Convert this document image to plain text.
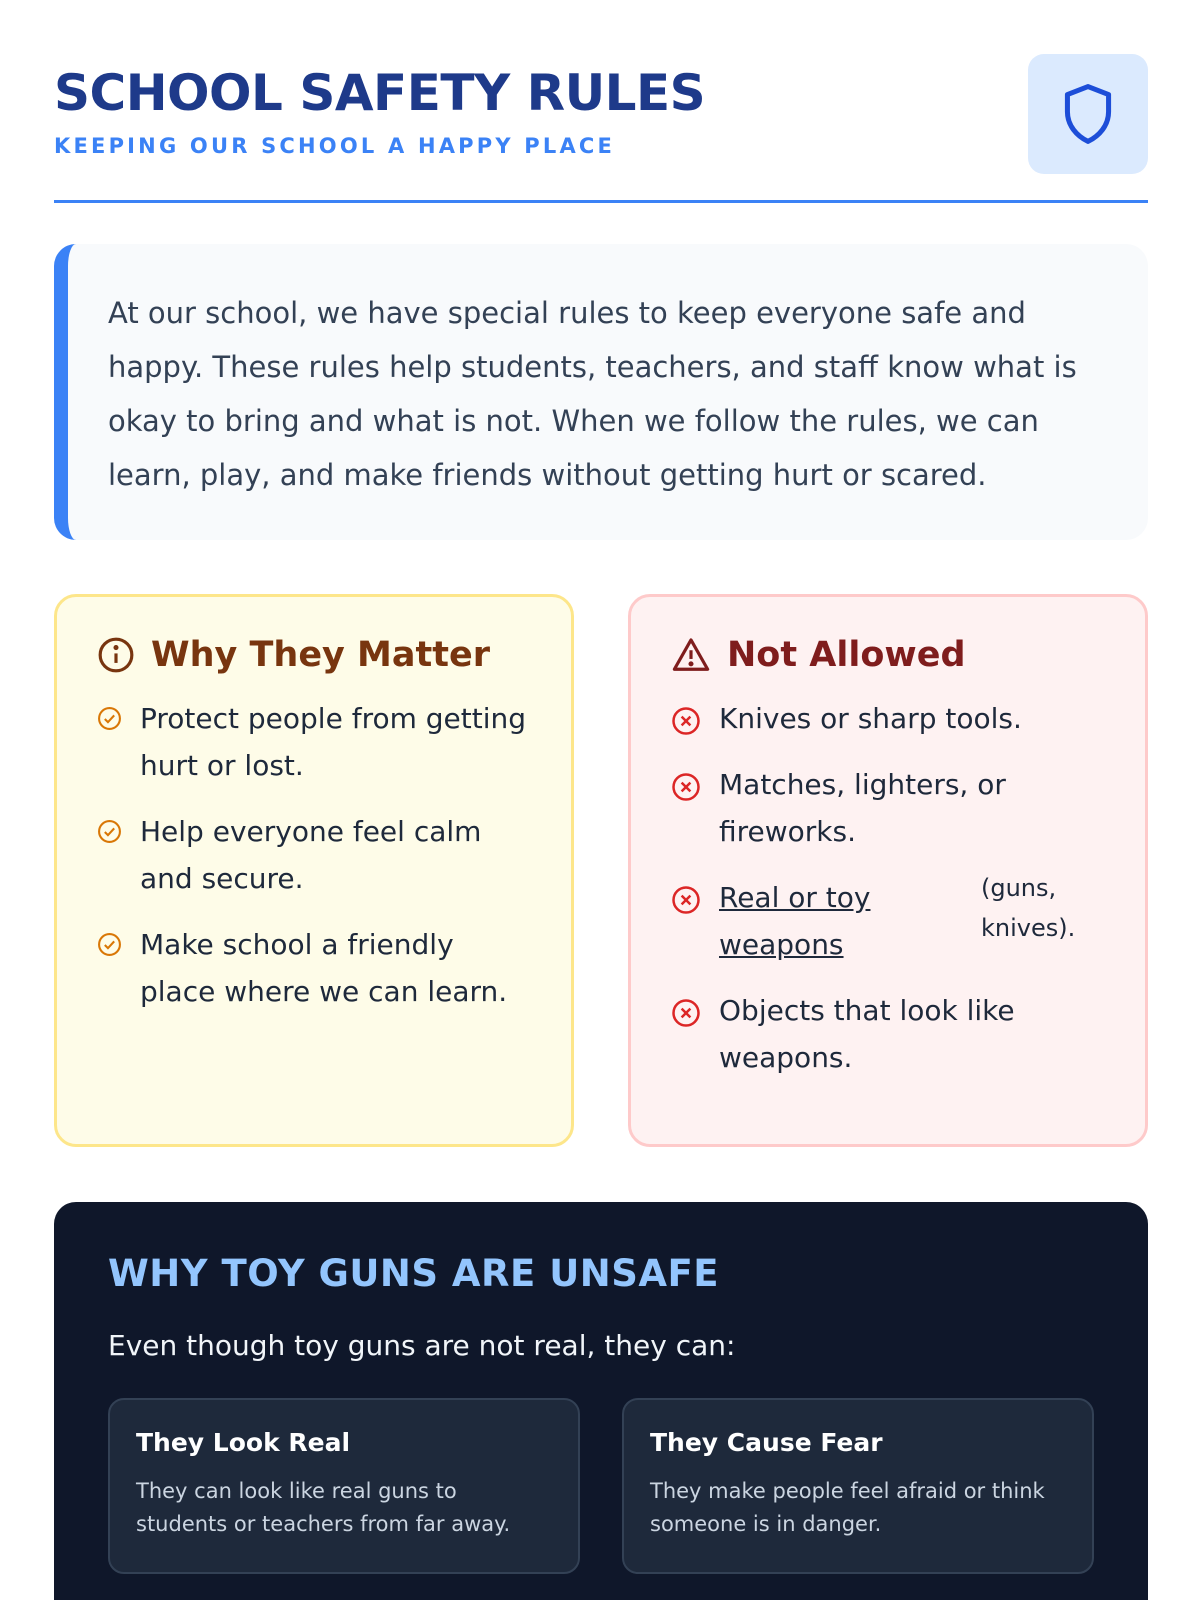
SCHOOL SAFETY RULES
KEEPING OUR SCHOOL A HAPPY PLACE

At our school, we have special rules to keep everyone safe and happy. These rules help students, teachers, and staff know what is okay to bring and what is not. When we follow the rules, we can learn, play, and make friends without getting hurt or scared.

Why They Matter
Protect people from getting hurt or lost.
Help everyone feel calm and secure.
Make school a friendly place where we can learn.
Not Allowed
Knives or sharp tools.
Matches, lighters, or fireworks.
Real or toy weapons
(guns, knives).
Objects that look like weapons.
WHY TOY GUNS ARE UNSAFE

Even though toy guns are not real, they can:

They Look Real
They can look like real guns to students or teachers from far away.
They Cause Fear
They make people feel afraid or think someone is in danger.
